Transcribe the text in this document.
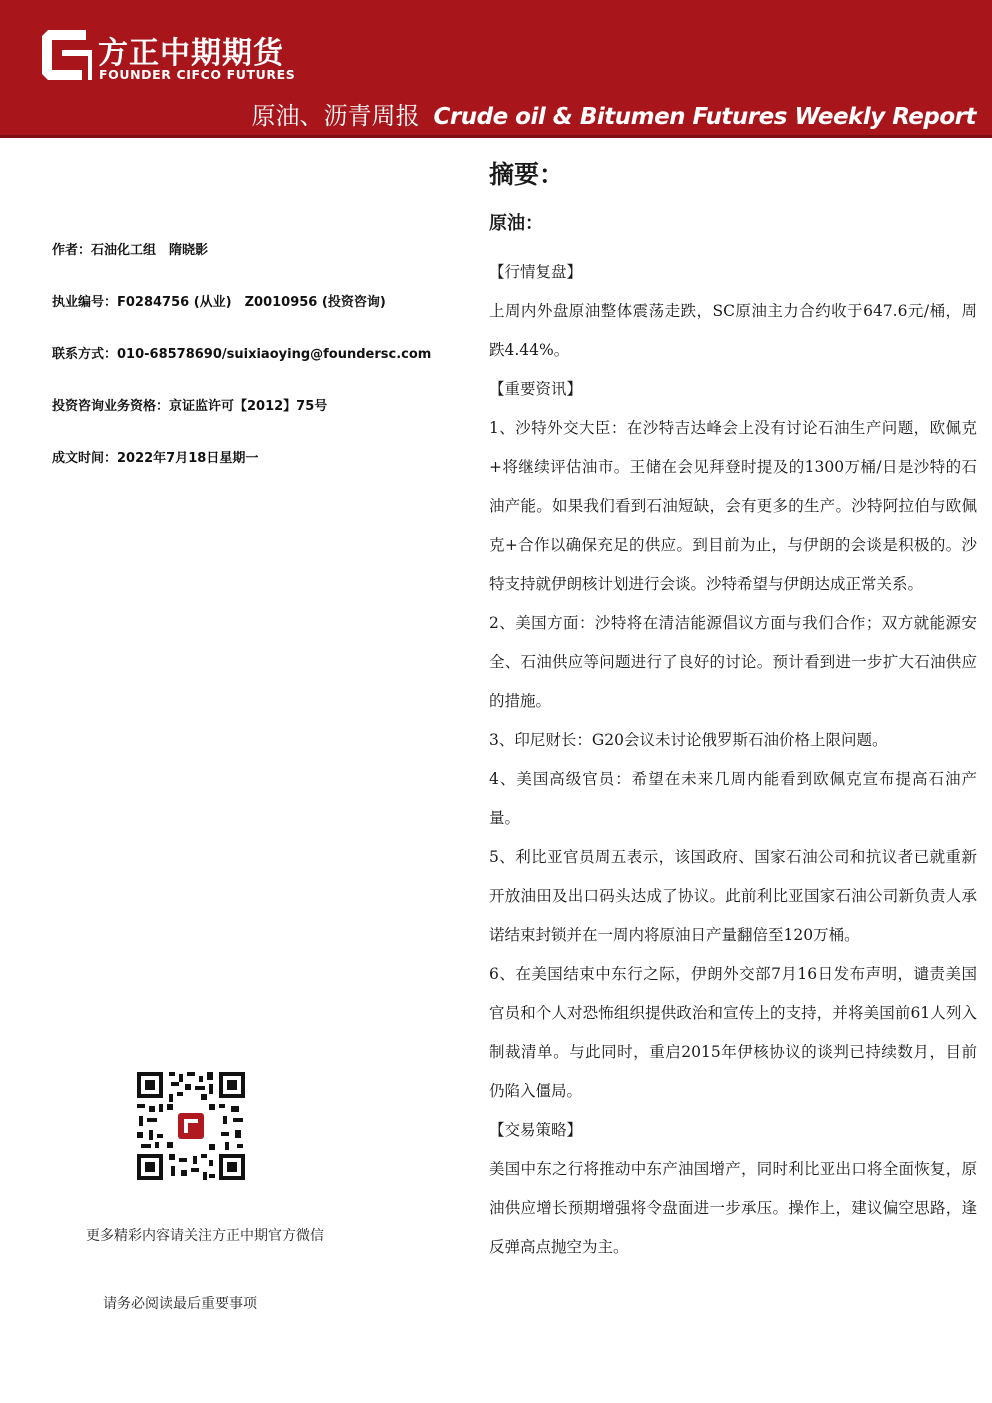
方正中期期货
FOUNDER CIFCO FUTURES
原油、沥青周报 Crude oil & Bitumen Futures Weekly Report
作者：石油化工组　隋晓影
执业编号：F0284756 (从业)　Z0010956 (投资咨询)
联系方式：010-68578690/suixiaoying@foundersc.com
投资咨询业务资格：京证监许可【2012】75号
成文时间：2022年7月18日星期一
更多精彩内容请关注方正中期官方微信
请务必阅读最后重要事项
摘要：
原油：

【行情复盘】

上周内外盘原油整体震荡走跌，SC原油主力合约收于647.6元/桶，周跌4.44%。

【重要资讯】

1、沙特外交大臣：在沙特吉达峰会上没有讨论石油生产问题，欧佩克+将继续评估油市。王储在会见拜登时提及的1300万桶/日是沙特的石油产能。如果我们看到石油短缺，会有更多的生产。沙特阿拉伯与欧佩克+合作以确保充足的供应。到目前为止，与伊朗的会谈是积极的。沙特支持就伊朗核计划进行会谈。沙特希望与伊朗达成正常关系。

2、美国方面：沙特将在清洁能源倡议方面与我们合作；双方就能源安全、石油供应等问题进行了良好的讨论。预计看到进一步扩大石油供应的措施。

3、印尼财长：G20会议未讨论俄罗斯石油价格上限问题。

4、美国高级官员：希望在未来几周内能看到欧佩克宣布提高石油产量。

5、利比亚官员周五表示，该国政府、国家石油公司和抗议者已就重新开放油田及出口码头达成了协议。此前利比亚国家石油公司新负责人承诺结束封锁并在一周内将原油日产量翻倍至120万桶。

6、在美国结束中东行之际，伊朗外交部7月16日发布声明，谴责美国官员和个人对恐怖组织提供政治和宣传上的支持，并将美国前61人列入制裁清单。与此同时，重启2015年伊核协议的谈判已持续数月，目前仍陷入僵局。

【交易策略】

美国中东之行将推动中东产油国增产，同时利比亚出口将全面恢复，原油供应增长预期增强将令盘面进一步承压。操作上，建议偏空思路，逢反弹高点抛空为主。
